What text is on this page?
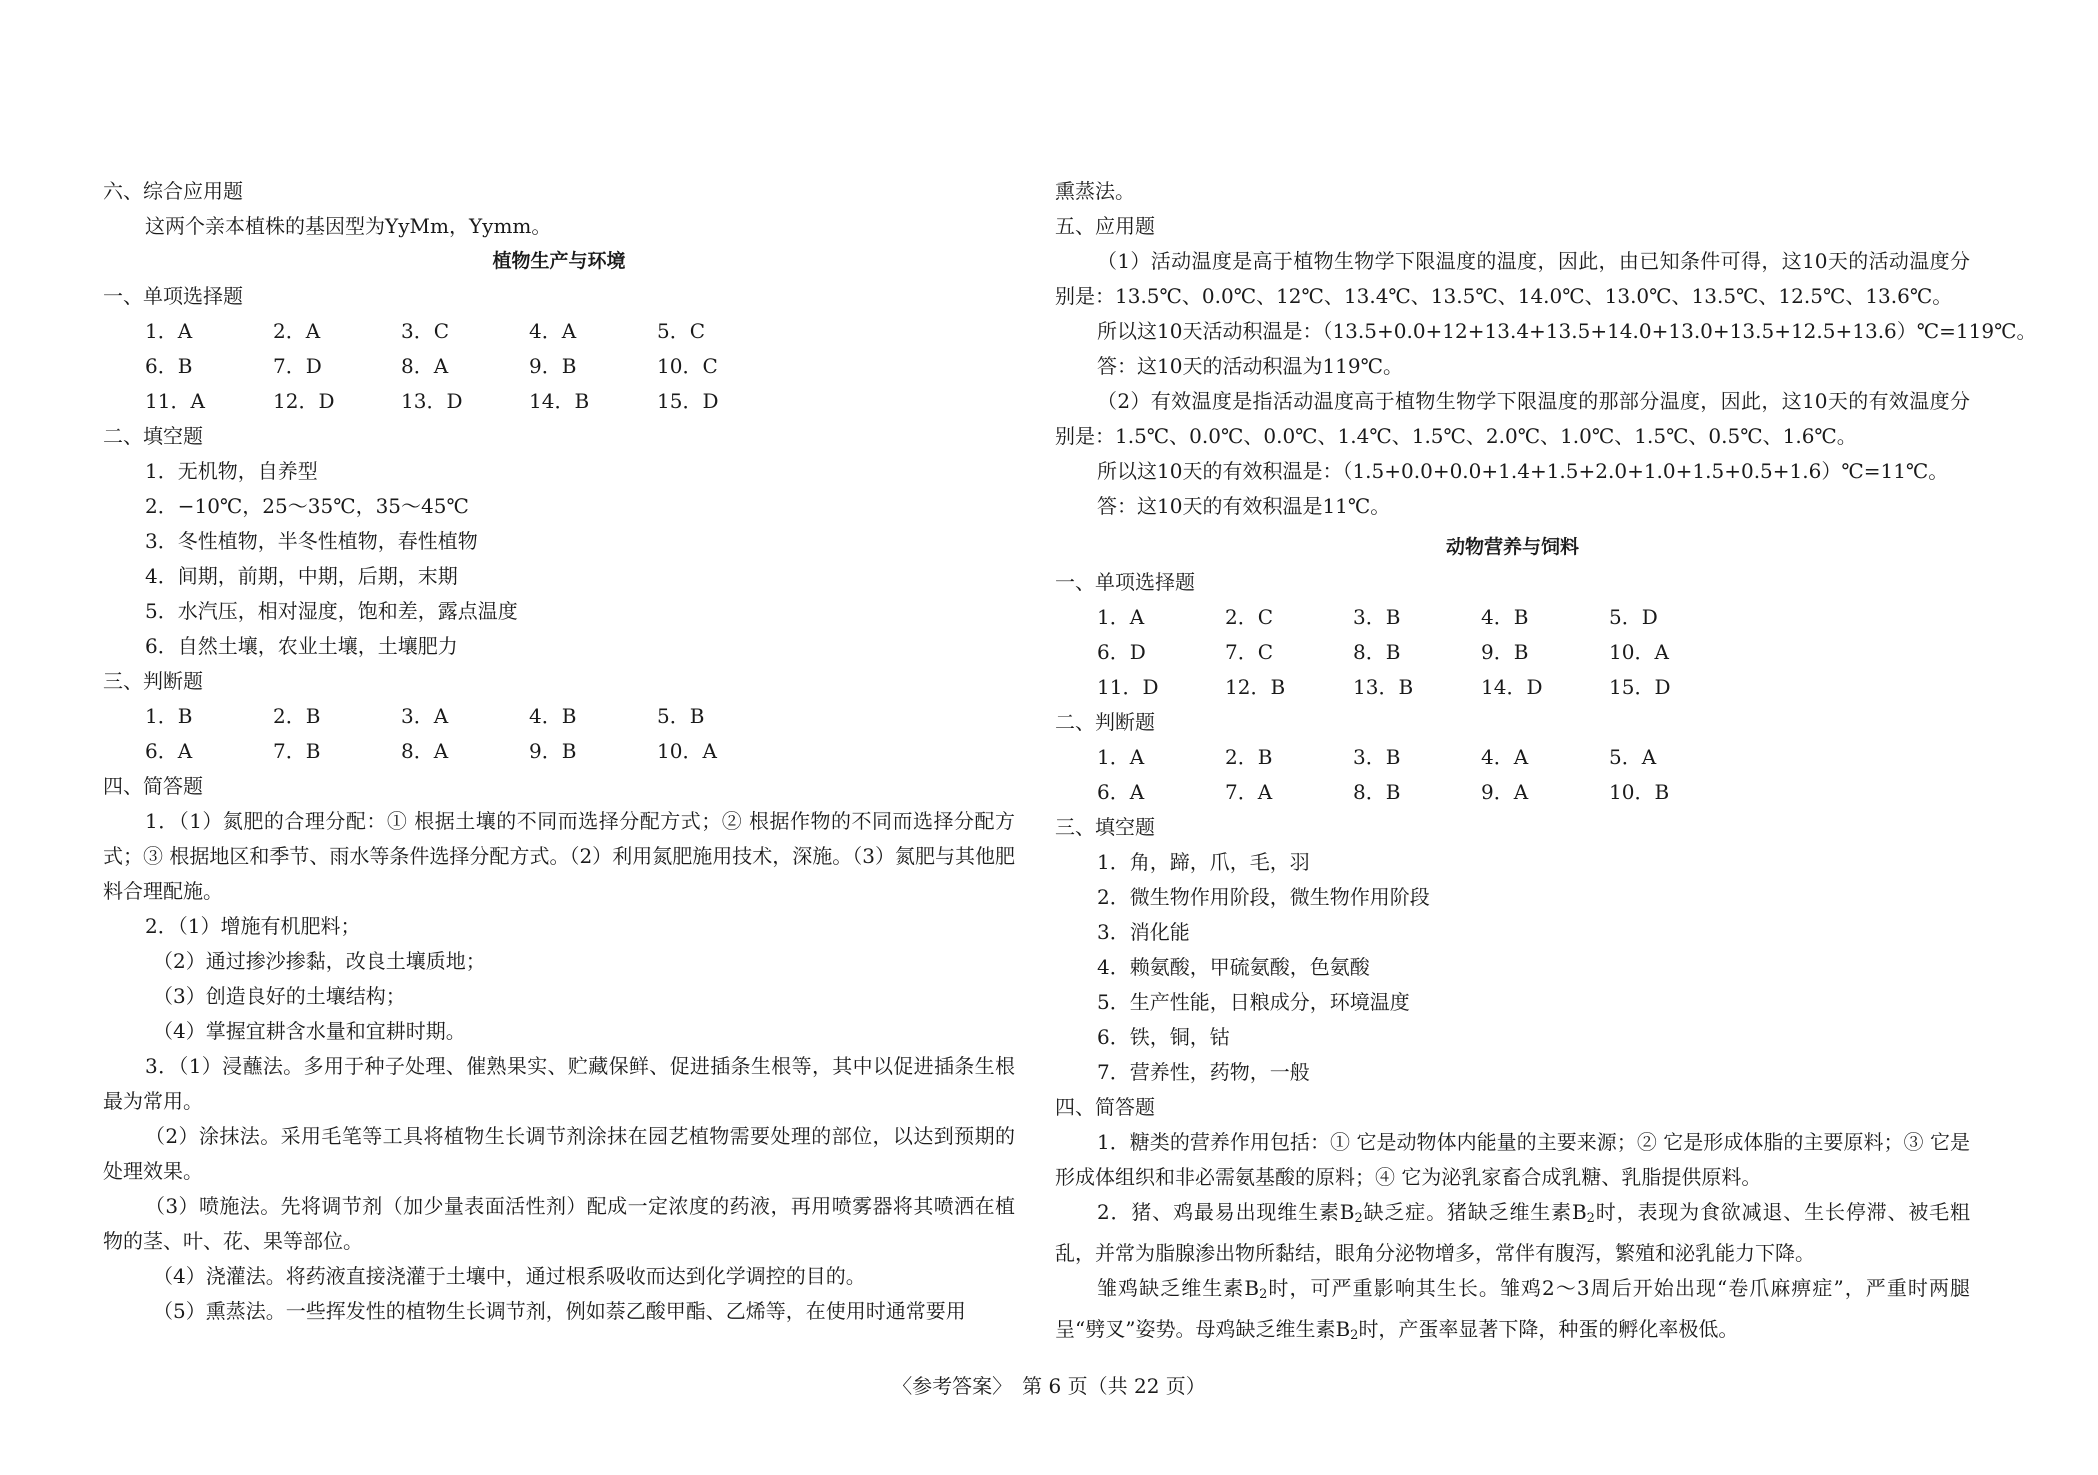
六、综合应用题
这两个亲本植株的基因型为YyMm，Yymm。
植物生产与环境
一、单项选择题
1．A	2．A	3．C	4．A	5．C
6．B	7．D	8．A	9．B	10．C
11．A	12．D	13．D	14．B	15．D
二、填空题
1．无机物，自养型
2．−10℃，25～35℃，35～45℃
3．冬性植物，半冬性植物，春性植物
4．间期，前期，中期，后期，末期
5．水汽压，相对湿度，饱和差，露点温度
6．自然土壤，农业土壤，土壤肥力
三、判断题
1．B	2．B	3．A	4．B	5．B
6．A	7．B	8．A	9．B	10．A
四、简答题
1．（1）氮肥的合理分配：① 根据土壤的不同而选择分配方式；② 根据作物的不同而选择分配方式；③ 根据地区和季节、雨水等条件选择分配方式。（2）利用氮肥施用技术，深施。（3）氮肥与其他肥料合理配施。
2．（1）增施有机肥料；
（2）通过掺沙掺黏，改良土壤质地；
（3）创造良好的土壤结构；
（4）掌握宜耕含水量和宜耕时期。
3．（1）浸蘸法。多用于种子处理、催熟果实、贮藏保鲜、促进插条生根等，其中以促进插条生根最为常用。
（2）涂抹法。采用毛笔等工具将植物生长调节剂涂抹在园艺植物需要处理的部位，以达到预期的处理效果。
（3）喷施法。先将调节剂（加少量表面活性剂）配成一定浓度的药液，再用喷雾器将其喷洒在植物的茎、叶、花、果等部位。
（4）浇灌法。将药液直接浇灌于土壤中，通过根系吸收而达到化学调控的目的。
（5）熏蒸法。一些挥发性的植物生长调节剂，例如萘乙酸甲酯、乙烯等，在使用时通常要用
熏蒸法。
五、应用题
（1）活动温度是高于植物生物学下限温度的温度，因此，由已知条件可得，这10天的活动温度分别是：13.5℃、0.0℃、12℃、13.4℃、13.5℃、14.0℃、13.0℃、13.5℃、12.5℃、13.6℃。
所以这10天活动积温是：（13.5+0.0+12+13.4+13.5+14.0+13.0+13.5+12.5+13.6）℃=119℃。
答：这10天的活动积温为119℃。
（2）有效温度是指活动温度高于植物生物学下限温度的那部分温度，因此，这10天的有效温度分别是：1.5℃、0.0℃、0.0℃、1.4℃、1.5℃、2.0℃、1.0℃、1.5℃、0.5℃、1.6℃。
所以这10天的有效积温是：（1.5+0.0+0.0+1.4+1.5+2.0+1.0+1.5+0.5+1.6）℃=11℃。
答：这10天的有效积温是11℃。
动物营养与饲料
一、单项选择题
1．A	2．C	3．B	4．B	5．D
6．D	7．C	8．B	9．B	10．A
11．D	12．B	13．B	14．D	15．D
二、判断题
1．A	2．B	3．B	4．A	5．A
6．A	7．A	8．B	9．A	10．B
三、填空题
1．角，蹄，爪，毛，羽
2．微生物作用阶段，微生物作用阶段
3．消化能
4．赖氨酸，甲硫氨酸，色氨酸
5．生产性能，日粮成分，环境温度
6．铁，铜，钴
7．营养性，药物，一般
四、简答题
1．糖类的营养作用包括：① 它是动物体内能量的主要来源；② 它是形成体脂的主要原料；③ 它是形成体组织和非必需氨基酸的原料；④ 它为泌乳家畜合成乳糖、乳脂提供原料。
2．猪、鸡最易出现维生素$B_2$缺乏症。猪缺乏维生素$B_2$时，表现为食欲减退、生长停滞、被毛粗乱，并常为脂腺渗出物所黏结，眼角分泌物增多，常伴有腹泻，繁殖和泌乳能力下降。
雏鸡缺乏维生素$B_2$时，可严重影响其生长。雏鸡2～3周后开始出现“卷爪麻痹症”，严重时两腿呈“劈叉”姿势。母鸡缺乏维生素$B_2$时，产蛋率显著下降，种蛋的孵化率极低。
〈参考答案〉　第 6 页（共 22 页）
